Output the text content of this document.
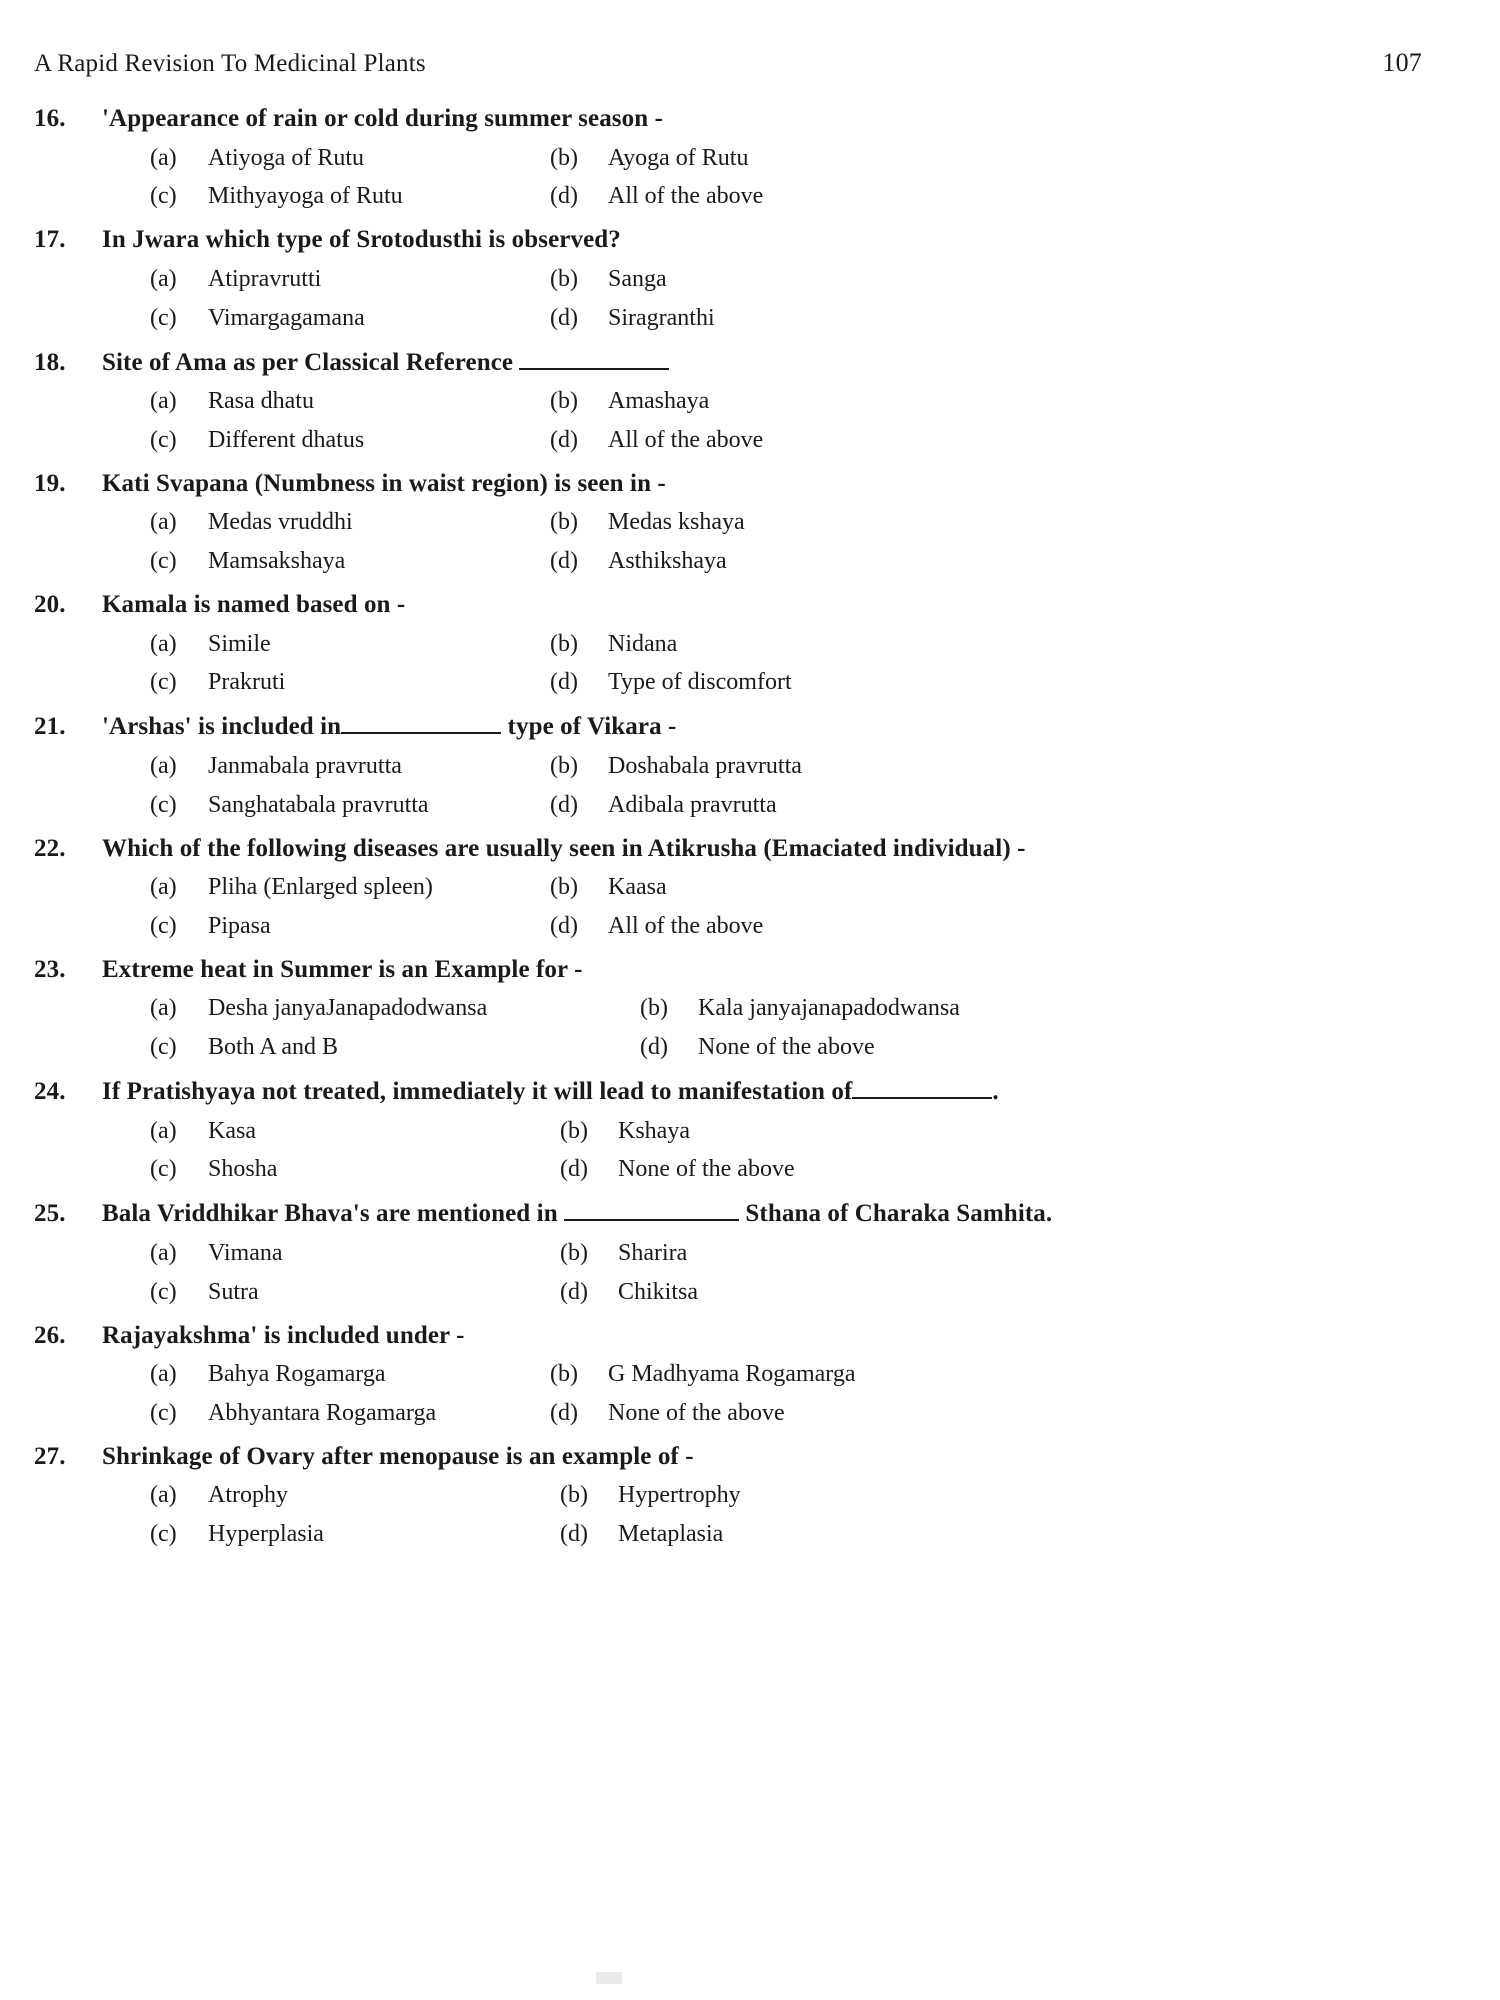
A Rapid Revision To Medicinal Plants	107
16.	'Appearance of rain or cold during summer season -
(a)	Atiyoga of Rutu	(b)	Ayoga of Rutu
(c)	Mithyayoga of Rutu	(d)	All of the above
17.	In Jwara which type of Srotodusthi is observed?
(a)	Atipravrutti	(b)	Sanga
(c)	Vimargagamana	(d)	Siragranthi
18.	Site of Ama as per Classical Reference
(a)	Rasa dhatu	(b)	Amashaya
(c)	Different dhatus	(d)	All of the above
19.	Kati Svapana (Numbness in waist region) is seen in -
(a)	Medas vruddhi	(b)	Medas kshaya
(c)	Mamsakshaya	(d)	Asthikshaya
20.	Kamala is named based on -
(a)	Simile	(b)	Nidana
(c)	Prakruti	(d)	Type of discomfort
21.	'Arshas' is included in	type of Vikara -
(a)	Janmabala pravrutta	(b)	Doshabala pravrutta
(c)	Sanghatabala pravrutta	(d)	Adibala pravrutta
22.	Which of the following diseases are usually seen in Atikrusha (Emaciated individual) -
(a)	Pliha (Enlarged spleen)	(b)	Kaasa
(c)	Pipasa	(d)	All of the above
23.	Extreme heat in Summer is an Example for -
(a)	Desha janyaJanapadodwansa	(b)	Kala janyajanapadodwansa
(c)	Both A and B	(d)	None of the above
24.	If Pratishyaya not treated, immediately it will lead to manifestation of	.
(a)	Kasa	(b)	Kshaya
(c)	Shosha	(d)	None of the above
25.	Bala Vriddhikar Bhava's are mentioned in	Sthana of Charaka Samhita.
(a)	Vimana	(b)	Sharira
(c)	Sutra	(d)	Chikitsa
26.	Rajayakshma' is included under -
(a)	Bahya Rogamarga	(b)	G Madhyama Rogamarga
(c)	Abhyantara Rogamarga	(d)	None of the above
27.	Shrinkage of Ovary after menopause is an example of -
(a)	Atrophy	(b)	Hypertrophy
(c)	Hyperplasia	(d)	Metaplasia
